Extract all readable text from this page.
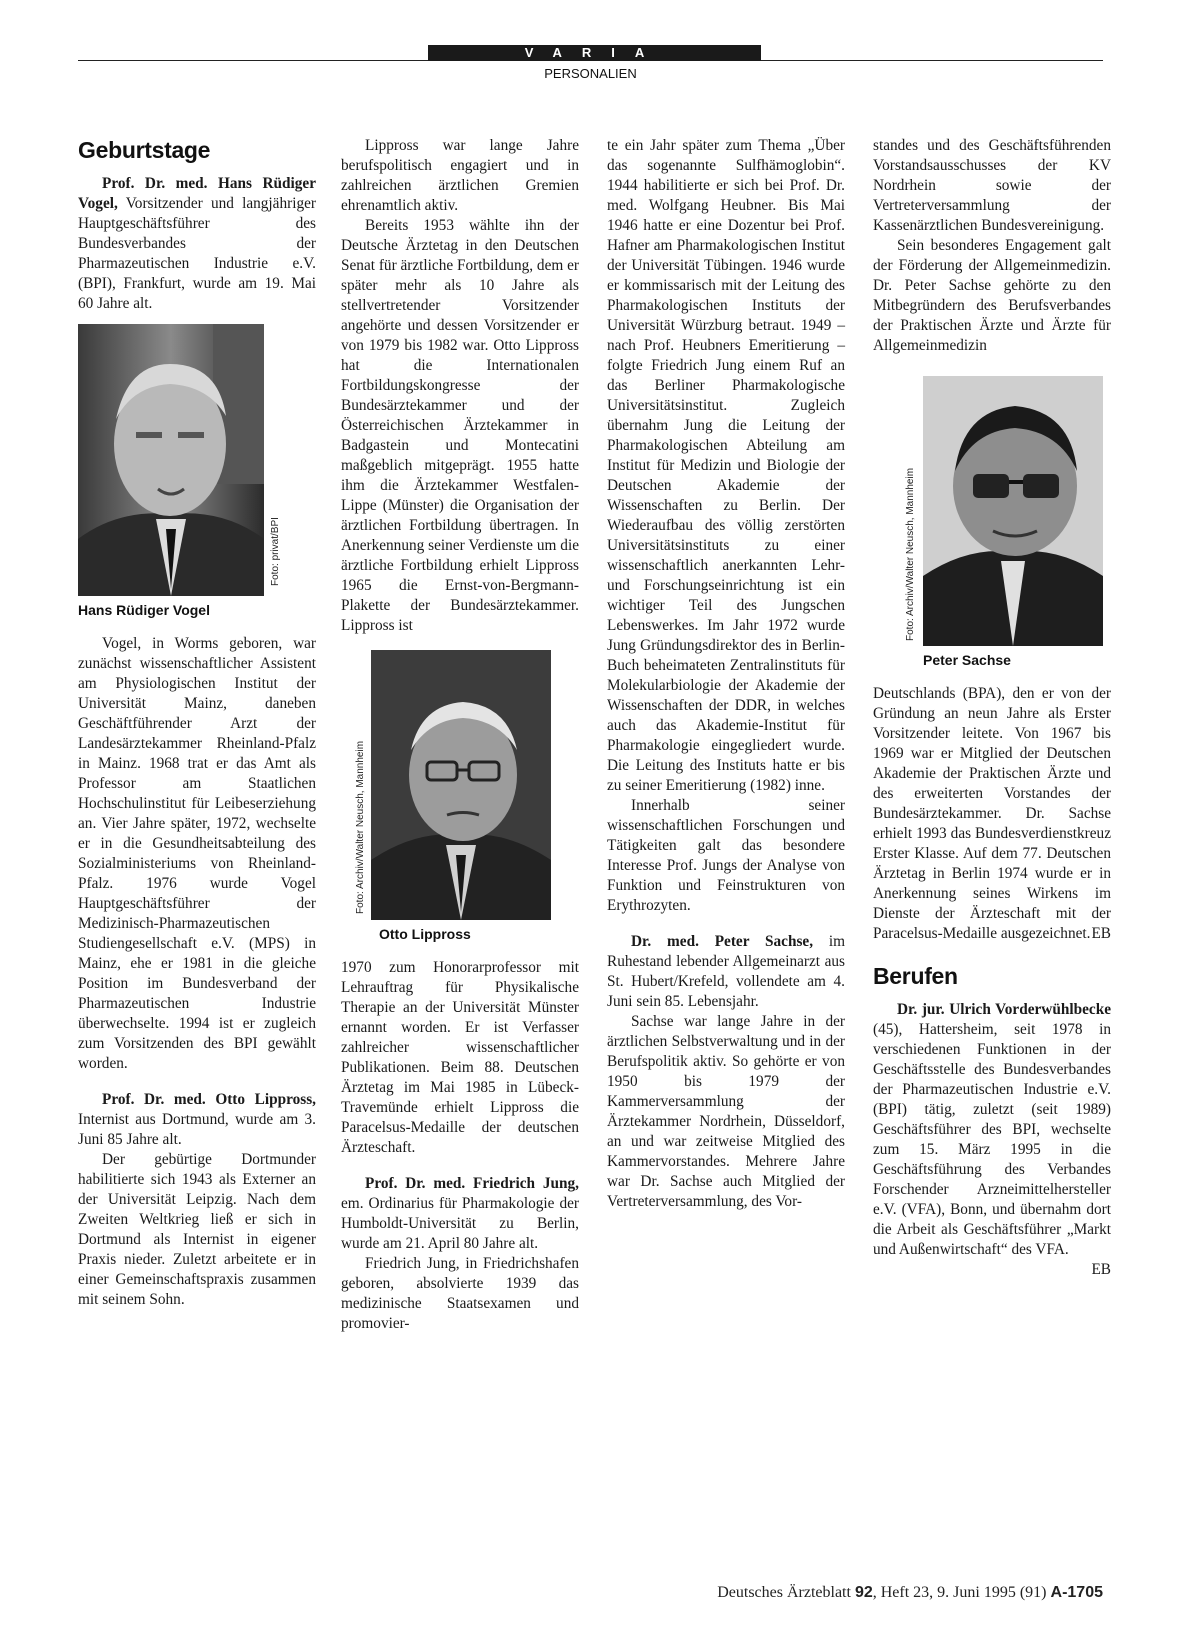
VARIA
PERSONALIEN
Geburtstage

Prof. Dr. med. Hans Rüdiger Vogel, Vorsitzender und langjähriger Hauptgeschäftsführer des Bundesverbandes der Pharmazeutischen Industrie e.V. (BPI), Frankfurt, wurde am 19. Mai 60 Jahre alt.

Foto: privat/BPI
Hans Rüdiger Vogel

Vogel, in Worms geboren, war zunächst wissenschaftlicher Assistent am Physiologischen Institut der Universität Mainz, daneben Geschäftführender Arzt der Landesärztekammer Rheinland-Pfalz in Mainz. 1968 trat er das Amt als Professor am Staatlichen Hochschulinstitut für Leibeserziehung an. Vier Jahre später, 1972, wechselte er in die Gesundheitsabteilung des Sozialministeriums von Rheinland-Pfalz. 1976 wurde Vogel Hauptgeschäftsführer der Medizinisch-Pharmazeutischen Studiengesellschaft e.V. (MPS) in Mainz, ehe er 1981 in die gleiche Position im Bundesverband der Pharmazeutischen Industrie überwechselte. 1994 ist er zugleich zum Vorsitzenden des BPI gewählt worden.

Prof. Dr. med. Otto Lippross, Internist aus Dortmund, wurde am 3. Juni 85 Jahre alt.

Der gebürtige Dortmunder habilitierte sich 1943 als Externer an der Universität Leipzig. Nach dem Zweiten Weltkrieg ließ er sich in Dortmund als Internist in eigener Praxis nieder. Zuletzt arbeitete er in einer Gemeinschaftspraxis zusammen mit seinem Sohn.

Lippross war lange Jahre berufspolitisch engagiert und in zahlreichen ärztlichen Gremien ehrenamtlich aktiv.

Bereits 1953 wählte ihn der Deutsche Ärztetag in den Deutschen Senat für ärztliche Fortbildung, dem er später mehr als 10 Jahre als stellvertretender Vorsitzender angehörte und dessen Vorsitzender er von 1979 bis 1982 war. Otto Lippross hat die Internationalen Fortbildungskongresse der Bundesärztekammer und der Österreichischen Ärztekammer in Badgastein und Montecatini maßgeblich mitgeprägt. 1955 hatte ihm die Ärztekammer Westfalen-Lippe (Münster) die Organisation der ärztlichen Fortbildung übertragen. In Anerkennung seiner Verdienste um die ärztliche Fortbildung erhielt Lippross 1965 die Ernst-von-Bergmann-Plakette der Bundesärztekammer. Lippross ist

Foto: Archiv/Walter Neusch, Mannheim
Otto Lippross

1970 zum Honorarprofessor mit Lehrauftrag für Physikalische Therapie an der Universität Münster ernannt worden. Er ist Verfasser zahlreicher wissenschaftlicher Publikationen. Beim 88. Deutschen Ärztetag im Mai 1985 in Lübeck-Travemünde erhielt Lippross die Paracelsus-Medaille der deutschen Ärzteschaft.

Prof. Dr. med. Friedrich Jung, em. Ordinarius für Pharmakologie der Humboldt-Universität zu Berlin, wurde am 21. April 80 Jahre alt.

Friedrich Jung, in Friedrichshafen geboren, absolvierte 1939 das medizinische Staatsexamen und promovier-

te ein Jahr später zum Thema „Über das sogenannte Sulfhämoglobin“. 1944 habilitierte er sich bei Prof. Dr. med. Wolfgang Heubner. Bis Mai 1946 hatte er eine Dozentur bei Prof. Hafner am Pharmakologischen Institut der Universität Tübingen. 1946 wurde er kommissarisch mit der Leitung des Pharmakologischen Instituts der Universität Würzburg betraut. 1949 – nach Prof. Heubners Emeritierung – folgte Friedrich Jung einem Ruf an das Berliner Pharmakologische Universitätsinstitut. Zugleich übernahm Jung die Leitung der Pharmakologischen Abteilung am Institut für Medizin und Biologie der Deutschen Akademie der Wissenschaften zu Berlin. Der Wiederaufbau des völlig zerstörten Universitätsinstituts zu einer wissenschaftlich anerkannten Lehr- und Forschungseinrichtung ist ein wichtiger Teil des Jungschen Lebenswerkes. Im Jahr 1972 wurde Jung Gründungsdirektor des in Berlin-Buch beheimateten Zentralinstituts für Molekularbiologie der Akademie der Wissenschaften der DDR, in welches auch das Akademie-Institut für Pharmakologie eingegliedert wurde. Die Leitung des Instituts hatte er bis zu seiner Emeritierung (1982) inne.

Innerhalb seiner wissenschaftlichen Forschungen und Tätigkeiten galt das besondere Interesse Prof. Jungs der Analyse von Funktion und Feinstrukturen von Erythrozyten.

Dr. med. Peter Sachse, im Ruhestand lebender Allgemeinarzt aus St. Hubert/Krefeld, vollendete am 4. Juni sein 85. Lebensjahr.

Sachse war lange Jahre in der ärztlichen Selbstverwaltung und in der Berufspolitik aktiv. So gehörte er von 1950 bis 1979 der Kammerversammlung der Ärztekammer Nordrhein, Düsseldorf, an und war zeitweise Mitglied des Kammervorstandes. Mehrere Jahre war Dr. Sachse auch Mitglied der Vertreterversammlung, des Vor-

standes und des Geschäftsführenden Vorstandsausschusses der KV Nordrhein sowie der Vertreterversammlung der Kassenärztlichen Bundesvereinigung.

Sein besonderes Engagement galt der Förderung der Allgemeinmedizin. Dr. Peter Sachse gehörte zu den Mitbegründern des Berufsverbandes der Praktischen Ärzte und Ärzte für Allgemeinmedizin

Foto: Archiv/Walter Neusch, Mannheim
Peter Sachse

Deutschlands (BPA), den er von der Gründung an neun Jahre als Erster Vorsitzender leitete. Von 1967 bis 1969 war er Mitglied der Deutschen Akademie der Praktischen Ärzte und des erweiterten Vorstandes der Bundesärztekammer. Dr. Sachse erhielt 1993 das Bundesverdienstkreuz Erster Klasse. Auf dem 77. Deutschen Ärztetag in Berlin 1974 wurde er in Anerkennung seines Wirkens im Dienste der Ärzteschaft mit der Paracelsus-Medaille ausgezeichnet. EB

Berufen

Dr. jur. Ulrich Vorderwühlbecke (45), Hattersheim, seit 1978 in verschiedenen Funktionen in der Geschäftsstelle des Bundesverbandes der Pharmazeutischen Industrie e.V. (BPI) tätig, zuletzt (seit 1989) Geschäftsführer des BPI, wechselte zum 15. März 1995 in die Geschäftsführung des Verbandes Forschender Arzneimittelhersteller e.V. (VFA), Bonn, und übernahm dort die Arbeit als Geschäftsführer „Markt und Außenwirtschaft“ des VFA.
EB

Deutsches Ärzteblatt 92, Heft 23, 9. Juni 1995 (91) A-1705
